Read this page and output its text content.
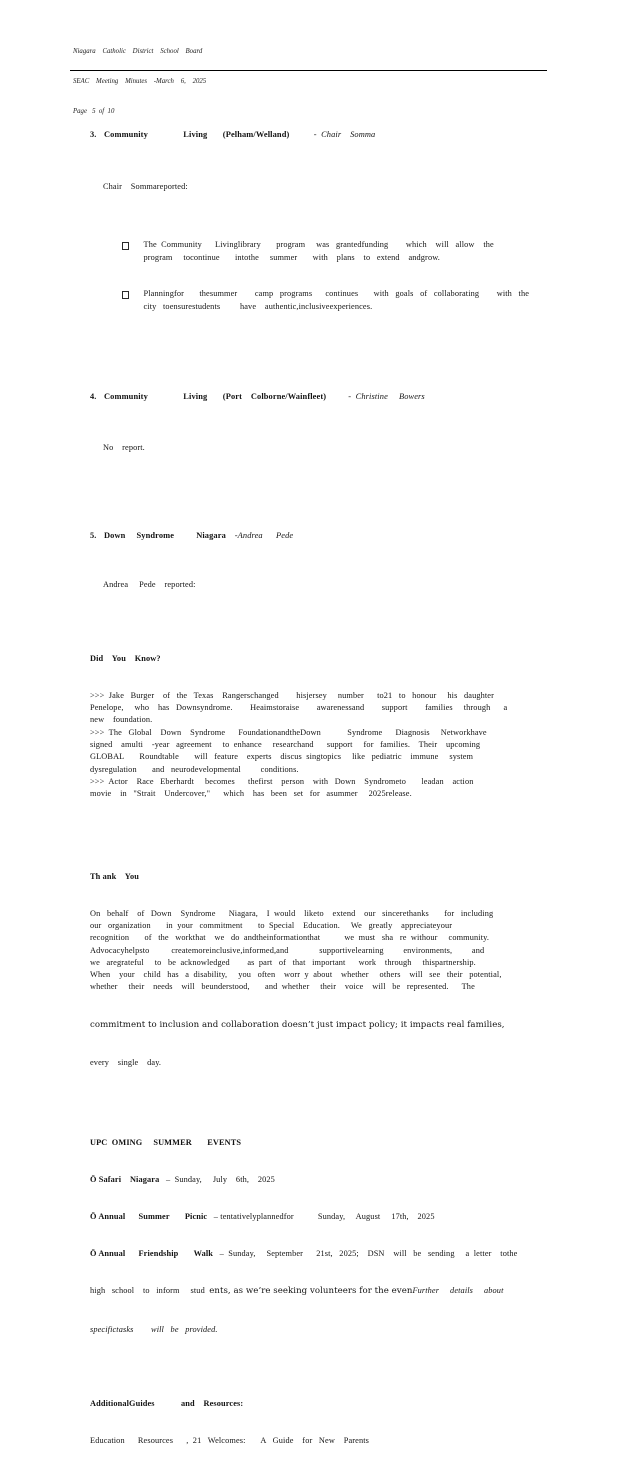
Niagara    Catholic    District    School    Board

SEAC    Meeting    Minutes    -March    6,    2025

Page   5  of  10

3. Community                Living       (Pelham/Welland)           -  Chair    Somma

Chair    Sommareported:

The  Community      Livinglibrary       program     was   grantedfunding        which    will   allow    the
program     tocontinue       intothe     summer       with    plans    to   extend    andgrow.

Planningfor       thesummer        camp   programs      continues       with   goals   of   collaborating        with   the
city   toensurestudents         have    authentic,inclusiveexperiences.

4. Community                Living       (Port    Colborne/Wainfleet)          -  Christine     Bowers

No    report.

5. Down     Syndrome          Niagara    -Andrea      Pede

Andrea     Pede    reported:

Did    You    Know?

>>>  Jake   Burger    of   the   Texas    Rangerschanged        hisjersey     number      to21   to   honour     his   daughter
Penelope,     who    has   Downsyndrome.        Heaimstoraise        awarenessand        support        families     through      a
new    foundation.
>>>  The   Global    Down    Syndrome      FoundationandtheDown            Syndrome      Diagnosis     Networkhave
signed    amulti    -year   agreement     to  enhance     researchand      support     for   families.    Their    upcoming
GLOBAL       Roundtable       will   feature    experts    discus  singtopics     like   pediatric    immune     system
dysregulation       and   neurodevelopmental         conditions.
>>>  Actor    Race   Eberhardt     becomes      thefirst    person    with   Down    Syndrometo       leadan    action
movie    in   "Strait    Undercover,"      which    has   been   set   for   asummer     2025release.

Th ank    You

On   behalf    of   Down    Syndrome      Niagara,    I  would    liketo    extend    our   sincerethanks       for   including
our   organization       in  your   commitment       to  Special    Education.     We   greatly    appreciateyour
recognition       of   the   workthat    we   do  andtheinformationthat           we  must   sha   re  withour     community.
Advocacyhelpsto          createmoreinclusive,informed,and              supportivelearning         environments,         and
we   aregrateful     to   be  acknowledged        as  part   of   that   important      work    through     thispartnership.
When    your    child   has   a  disability,     you   often    worr  y  about    whether     others    will   see   their   potential,
whether     their    needs    will   beunderstood,       and  whether     their    voice    will   be   represented.      The

commitment to inclusion and collaboration doesn’t just impact policy; it impacts real families,

every    single    day.

UPC  OMING     SUMMER       EVENTS

Ō Safari    Niagara   –  Sunday,     July    6th,    2025

Ō Annual      Summer       Picnic   – tentativelyplannedfor           Sunday,     August     17th,    2025

Ō Annual      Friendship       Walk   –  Sunday,     September      21st,   2025;    DSN    will   be   sending     a  letter    tothe

high   school    to   inform     stud  ents, as we’re seeking volunteers for the evenFurther     details     about

specifictasks        will   be   provided.

AdditionalGuides            and    Resources:

Education      Resources      ,  21   Welcomes:       A   Guide    for   New    Parents
